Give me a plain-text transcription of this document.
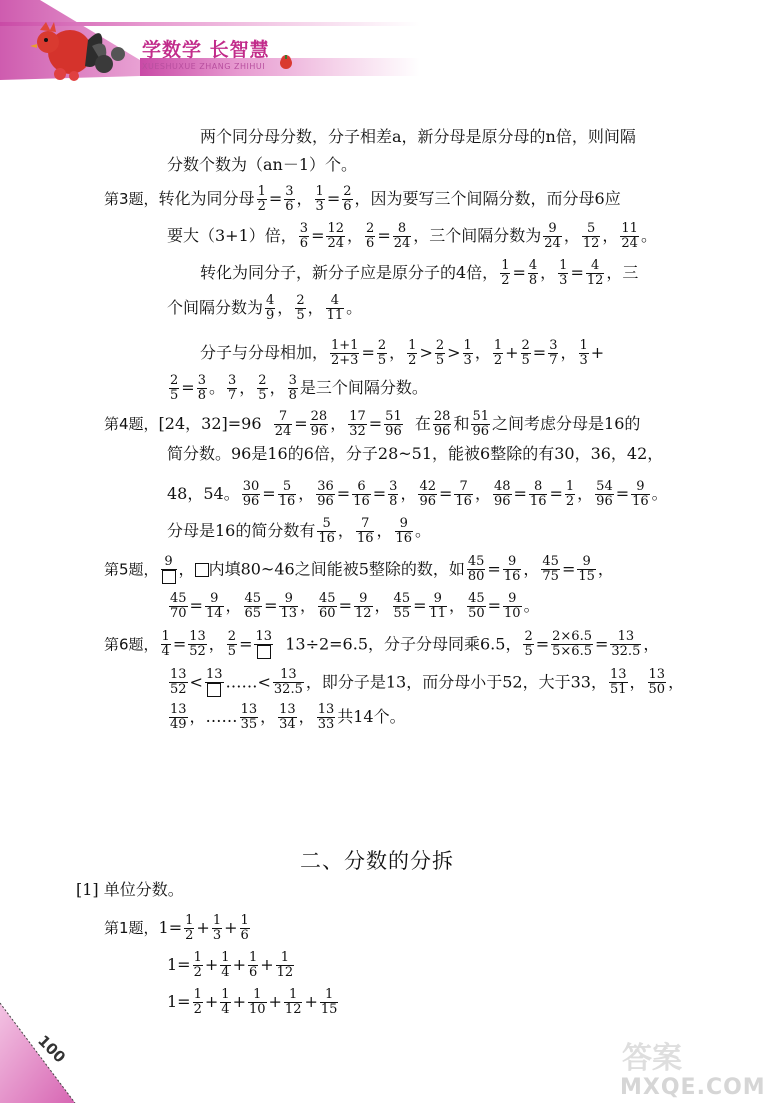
学数学 长智慧
XUESHUXUE ZHANG ZHIHUI
两个同分母分数，分子相差a，新分母是原分母的n倍，则间隔
分数个数为（an－1）个。
第3题，转化为同分母 $\frac{1}{2} = \frac{3}{6}$ ， $\frac{1}{3} = \frac{2}{6}$ ，因为要写三个间隔分数，而分母6应
要大（3+1）倍， $\frac{3}{6} = \frac{12}{24}$ ， $\frac{2}{6} = \frac{8}{24}$ ，三个间隔分数为 $\frac{9}{24}$ ， $\frac{5}{12}$ ， $\frac{11}{24}$ 。
转化为同分子，新分子应是原分子的4倍， $\frac{1}{2} = \frac{4}{8}$ ， $\frac{1}{3} = \frac{4}{12}$ ，三
个间隔分数为 $\frac{4}{9}$ ， $\frac{2}{5}$ ， $\frac{4}{11}$ 。
分子与分母相加， $\frac{1+1}{2+3} = \frac{2}{5}$ ， $\frac{1}{2} > \frac{2}{5} > \frac{1}{3}$ ， $\frac{1}{2} + \frac{2}{5} = \frac{3}{7}$ ， $\frac{1}{3}$ +
$\frac{2}{5} = \frac{3}{8}$ 。 $\frac{3}{7}$ ， $\frac{2}{5}$ ， $\frac{3}{8}$ 是三个间隔分数。
第4题，[24，$32]=96 \frac{7}{24} = \frac{28}{96}$ ， $\frac{17}{32} = \frac{51}{96}$ 在 $\frac{28}{96}$ 和 $\frac{51}{96}$ 之间考虑分母是16的
简分数。96是16的6倍，分子28~51，能被6整除的有30，36，42，
48，54。 $\frac{30}{96} = \frac{5}{16}$ ， $\frac{36}{96} = \frac{6}{16} = \frac{3}{8}$ ， $\frac{42}{96} = \frac{7}{16}$ ， $\frac{48}{96} = \frac{8}{16} = \frac{1}{2}$ ， $\frac{54}{96} = \frac{9}{16}$ 。
分母是16的简分数有 $\frac{5}{16}$ ， $\frac{7}{16}$ ， $\frac{9}{16}$ 。
第5题， 9 ， 内填80~46之间能被5整除的数，如 $\frac{45}{80} = \frac{9}{16}$ ， $\frac{45}{75} = \frac{9}{15}$ ，
$\frac{45}{70} = \frac{9}{14}$ ， $\frac{45}{65} = \frac{9}{13}$ ， $\frac{45}{60} = \frac{9}{12}$ ， $\frac{45}{55} = \frac{9}{11}$ ， $\frac{45}{50} = \frac{9}{10}$ 。
第6题， $\frac{1}{4} = \frac{13}{52}$ ， $\frac{2}{5} = 13$ 13÷2=6.5，分子分母同乘6.5， $\frac{2}{5} = \frac{2\times 6.5}{5\times 6.5} = \frac{13}{32.5}$ ，
$\frac{13}{52} < 13$ ……< $\frac{13}{32.5}$ ，即分子是13，而分母小于52，大于33， $\frac{13}{51}$ ， $\frac{13}{50}$ ，
$\frac{13}{49}$ ，…… $\frac{13}{35}$ ， $\frac{13}{34}$ ， $\frac{13}{33}$ 共14个。
二、分数的分拆
[1] 单位分数。
第1题，$1= \frac{1}{2} + \frac{1}{3} + \frac{1}{6}$
$1= \frac{1}{2} + \frac{1}{4} + \frac{1}{6} + \frac{1}{12}$
$1= \frac{1}{2} + \frac{1}{4} + \frac{1}{10} + \frac{1}{12} + \frac{1}{15}$
100	答案
MXQE.COM
